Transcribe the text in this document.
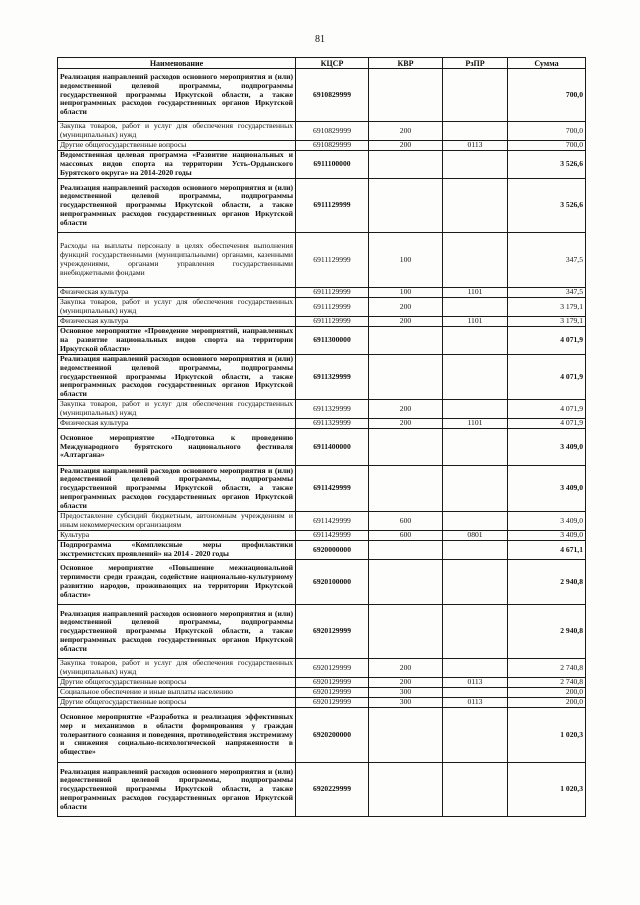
81
Наименование	КЦСР	КВР	РзПР	Сумма
Реализация направлений расходов основного мероприятия и (или) ведомственной целевой программы, подпрограммы государственной программы Иркутской области, а также непрограммных расходов государственных органов Иркутской области	6910829999			700,0
Закупка товаров, работ и услуг для обеспечения государственных (муниципальных) нужд	6910829999	200		700,0
Другие общегосударственные вопросы	6910829999	200	0113	700,0
Ведомственная целевая программа «Развитие национальных и массовых видов спорта на территории Усть-Ордынского Бурятского округа» на 2014-2020 годы	6911100000			3 526,6
Реализация направлений расходов основного мероприятия и (или) ведомственной целевой программы, подпрограммы государственной программы Иркутской области, а также непрограммных расходов государственных органов Иркутской области	6911129999			3 526,6
Расходы на выплаты персоналу в целях обеспечения выполнения функций государственными (муниципальными) органами, казенными учреждениями, органами управления государственными внебюджетными фондами	6911129999	100		347,5
Физическая культура	6911129999	100	1101	347,5
Закупка товаров, работ и услуг для обеспечения государственных (муниципальных) нужд	6911129999	200		3 179,1
Физическая культура	6911129999	200	1101	3 179,1
Основное мероприятие «Проведение мероприятий, направленных на развитие национальных видов спорта на территории Иркутской области»	6911300000			4 071,9
Реализация направлений расходов основного мероприятия и (или) ведомственной целевой программы, подпрограммы государственной программы Иркутской области, а также непрограммных расходов государственных органов Иркутской области	6911329999			4 071,9
Закупка товаров, работ и услуг для обеспечения государственных (муниципальных) нужд	6911329999	200		4 071,9
Физическая культура	6911329999	200	1101	4 071,9
Основное мероприятие «Подготовка к проведению Международного бурятского национального фестиваля «Алтаргана»	6911400000			3 409,0
Реализация направлений расходов основного мероприятия и (или) ведомственной целевой программы, подпрограммы государственной программы Иркутской области, а также непрограммных расходов государственных органов Иркутской области	6911429999			3 409,0
Предоставление субсидий бюджетным, автономным учреждениям и иным некоммерческим организациям	6911429999	600		3 409,0
Культура	6911429999	600	0801	3 409,0
Подпрограмма «Комплексные меры профилактики экстремистских проявлений» на 2014 - 2020 годы	6920000000			4 671,1
Основное мероприятие «Повышение межнациональной терпимости среди граждан, содействие национально-культурному развитию народов, проживающих на территории Иркутской области»	6920100000			2 940,8
Реализация направлений расходов основного мероприятия и (или) ведомственной целевой программы, подпрограммы государственной программы Иркутской области, а также непрограммных расходов государственных органов Иркутской области	6920129999			2 940,8
Закупка товаров, работ и услуг для обеспечения государственных (муниципальных) нужд	6920129999	200		2 740,8
Другие общегосударственные вопросы	6920129999	200	0113	2 740,8
Социальное обеспечение и иные выплаты населению	6920129999	300		200,0
Другие общегосударственные вопросы	6920129999	300	0113	200,0
Основное мероприятие «Разработка и реализация эффективных мер и механизмов в области формирования у граждан толерантного сознания и поведения, противодействия экстремизму и снижения социально-психологической напряженности в обществе»	6920200000			1 020,3
Реализация направлений расходов основного мероприятия и (или) ведомственной целевой программы, подпрограммы государственной программы Иркутской области, а также непрограммных расходов государственных органов Иркутской области	6920229999			1 020,3
